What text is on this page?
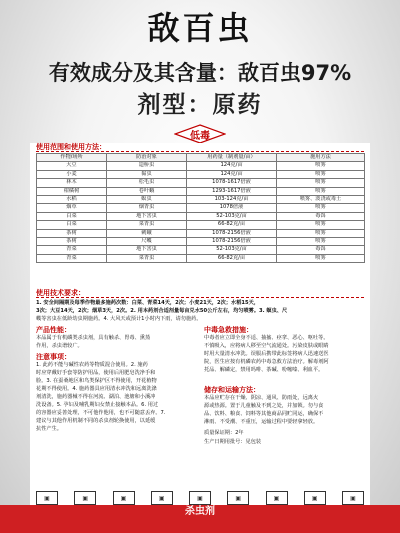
敌百虫
有效成分及其含量：敌百虫97%
剂型：原药
低毒
使用范围和使用方法：
作物/场所	防治对象	用药量（制剂量/亩）	施用方法
大豆	造桥虫	124克/亩	喷雾
小麦	黏虫	124克/亩	喷雾
林木	松毛虫	1078-1617倍液	喷雾
柑橘树	卷叶蛾	1293-1617倍液	喷雾
水稻	螟虫	103-124克/亩	喷雾、泼浇或毒土
烟草	烟青虫	1078倍液	喷雾
白菜	地下害虫	52-103克/亩	毒饵
白菜	菜青虫	66-82克/亩	喷雾
茶树	刺蛾	1078-2156倍液	喷雾
茶树	尺蠖	1078-2156倍液	喷雾
青菜	地下害虫	52-103克/亩	毒饵
青菜	菜青虫	66-82克/亩	喷雾
使用技术要求：
1. 安全间隔期及每季作物最多施药次数：白菜、青菜14天，2次；小麦21天，2次；水稻15天，
3次；大豆14天，2次；烟草3天，2次。2. 用本药剂合适剂量每亩兑水50公斤左右，均匀喷雾。3. 螟虫、尺
蠖等害虫在低龄幼虫期施药。4. 大风天或预计1小时内下雨，请勿施药。
产品性能：
本品属于有机磷类杀虫剂，具有触杀、胃毒、熏蒸
作用，杀虫谱较广。
注意事项：
1. 此药不能与碱性农药等物质混合使用。2. 施药
时应穿戴好手套等防护用品，使用后用肥皂洗净手和
脸。3. 在蚕桑地区和鸟类保护区不得使用，开花植物
花期不得使用。4. 施药器具应用清水冲洗和远离洗涤
剂清洗，施药器械不得在河流、湖泊、池塘和小溪冲
洗设备。5. 孕妇及哺乳期妇女禁止接触本品。6. 用过
的容器应妥善处理，不可他作他用，也不可随意丢弃。7.
建议与其他作用机制不同的杀虫剂轮换使用，以延缓
抗性产生。
中毒急救措施：
中毒者应立即全身不适、抽搐、痉挛、恶心、呕吐等。
不慎吸入，应将病人移至空气流通处。污染皮肤或眼睛
时用大量清水冲洗。误服后携带此标签将病人迅速送医
院，医生应按有机磷农药中毒急救方法治疗。解毒剂阿
托品、解磷定，禁用吗啡、茶碱、吩噻嗪、利血平。
储存和运输方法：
本品应贮存在干燥、阴凉、通风、防雨处，远离火
源或热源。置于儿童触及不到之处，并加锁。勿与食
品、饮料、粮食、饲料等其他商品同贮同运，确保不
淋雨、不受潮、不重压，运输过程中要轻拿轻放。
质量保证期：2年
生产日期用批号：见包装
▣	▣	▣	▣	▣	▣	▣	▣	▣
杀虫剂
